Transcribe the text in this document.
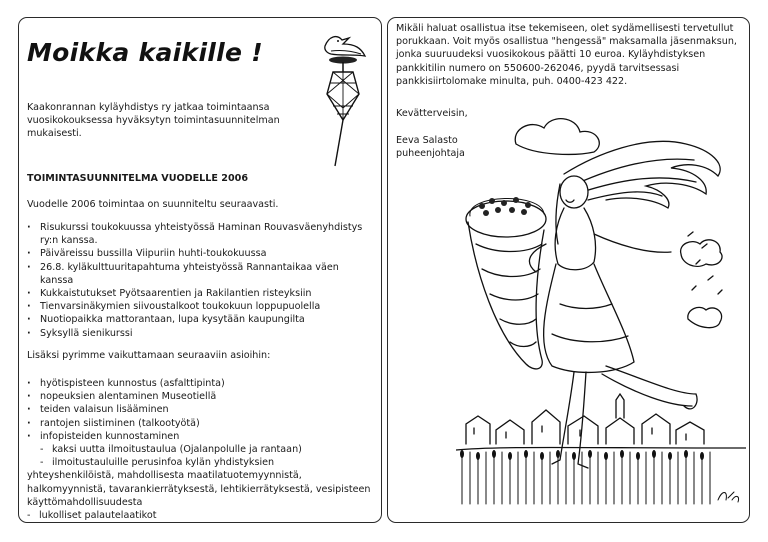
Moikka kaikille !
Kaakonrannan kyläyhdistys ry jatkaa toimintaansa vuosikokouksessa hyväksytyn toimintasuunnitelman mukaisesti.
TOIMINTASUUNNITELMA VUODELLE 2006
Vuodelle 2006 toimintaa on suunniteltu seuraavasti.
· Risukurssi toukokuussa yhteistyössä Haminan Rouvasväenyhdistys ry:n kanssa.
· Päiväreissu bussilla Viipuriin huhti-toukokuussa
· 26.8. kyläkulttuuritapahtuma yhteistyössä Rannantaikaa väen kanssa
· Kukkaistutukset Pyötsaarentien ja Rakilantien risteyksiin
· Tienvarsinäkymien siivoustalkoot toukokuun loppupuolella
· Nuotiopaikka mattorantaan, lupa kysytään kaupungilta
· Syksyllä sienikurssi
Lisäksi pyrimme vaikuttamaan seuraaviin asioihin:
· hyötispisteen kunnostus (asfalttipinta)
· nopeuksien alentaminen Museotiellä
· teiden valaisun lisääminen
· rantojen siistiminen (talkootyötä)
· infopisteiden kunnostaminen
- kaksi uutta ilmoitustaulua (Ojalanpolulle ja rantaan)
- ilmoitustauluille perusinfoa kylän yhdistyksien
yhteyshenkilöistä, mahdollisesta maatilatuotemyynnistä, halkomyynnistä, tavarankierrätyksestä, lehtikierrätyksestä, vesipisteen käyttömahdollisuudesta
- lukolliset palautelaatikot
Mikäli haluat osallistua itse tekemiseen, olet sydämellisesti tervetullut porukkaan. Voit myös osallistua "hengessä" maksamalla jäsenmaksun, jonka suuruudeksi vuosikokous päätti 10 euroa. Kyläyhdistyksen pankkitilin numero on 550600-262046, pyydä tarvitsessasi pankkisiirtolomake minulta, puh. 0400-423 422.
Kevätterveisin,
Eeva Salasto
puheenjohtaja
